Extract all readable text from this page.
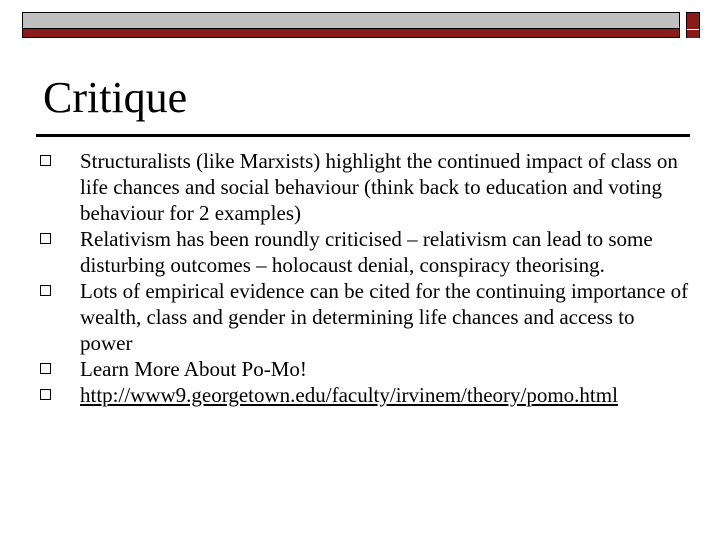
Critique
Structuralists (like Marxists) highlight the continued impact of class on life chances and social behaviour (think back to education and voting behaviour for 2 examples)
Relativism has been roundly criticised – relativism can lead to some disturbing outcomes – holocaust denial, conspiracy theorising.
Lots of empirical evidence can be cited for the continuing importance of wealth, class and gender in determining life chances and access to power
Learn More About Po-Mo!
http://www9.georgetown.edu/faculty/irvinem/theory/pomo.html
